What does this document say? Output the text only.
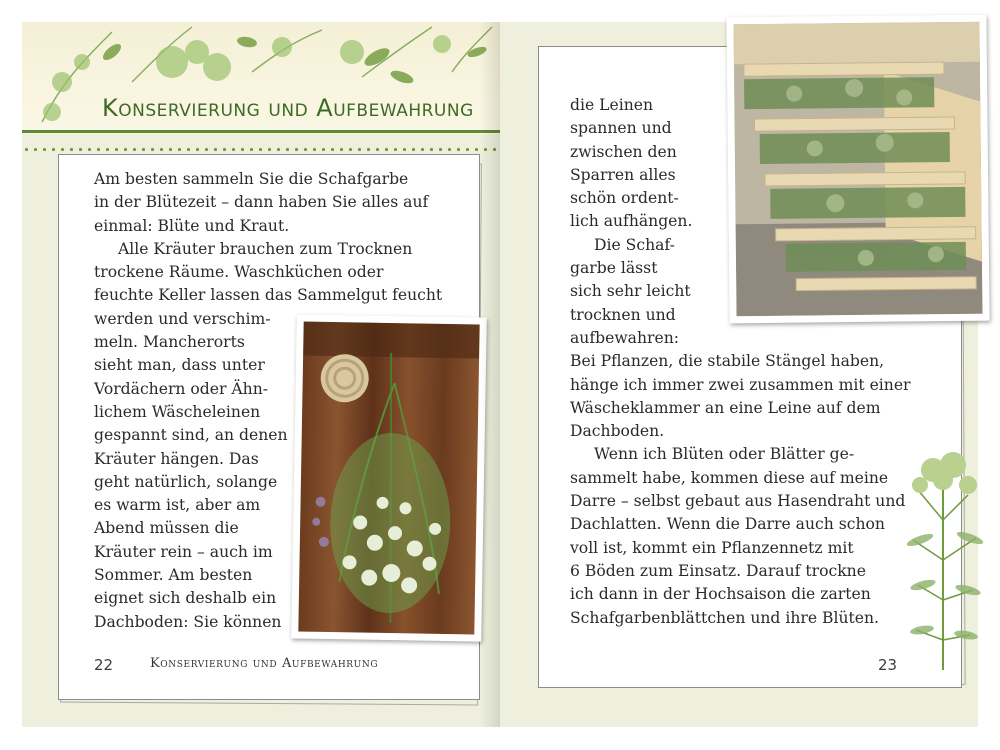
Konservierung und Aufbewahrung
Am besten sammeln Sie die Schafgarbe
in der Blütezeit – dann haben Sie alles auf
einmal: Blüte und Kraut.
Alle Kräuter brauchen zum Trocknen
trockene Räume. Waschküchen oder
feuchte Keller lassen das Sammelgut feucht
werden und verschim-
meln. Mancherorts
sieht man, dass unter
Vordächern oder Ähn-
lichem Wäscheleinen
gespannt sind, an denen
Kräuter hängen. Das
geht natürlich, solange
es warm ist, aber am
Abend müssen die
Kräuter rein – auch im
Sommer. Am besten
eignet sich deshalb ein
Dachboden: Sie können
22	Konservierung und Aufbewahrung
die Leinen
spannen und
zwischen den
Sparren alles
schön ordent-
lich aufhängen.
Die Schaf-
garbe lässt
sich sehr leicht
trocknen und
aufbewahren:
Bei Pflanzen, die stabile Stängel haben,
hänge ich immer zwei zusammen mit einer
Wäscheklammer an eine Leine auf dem
Dachboden.
Wenn ich Blüten oder Blätter ge-
sammelt habe, kommen diese auf meine
Darre – selbst gebaut aus Hasendraht und
Dachlatten. Wenn die Darre auch schon
voll ist, kommt ein Pflanzennetz mit
6 Böden zum Einsatz. Darauf trockne
ich dann in der Hochsaison die zarten
Schafgarbenblättchen und ihre Blüten.
23
